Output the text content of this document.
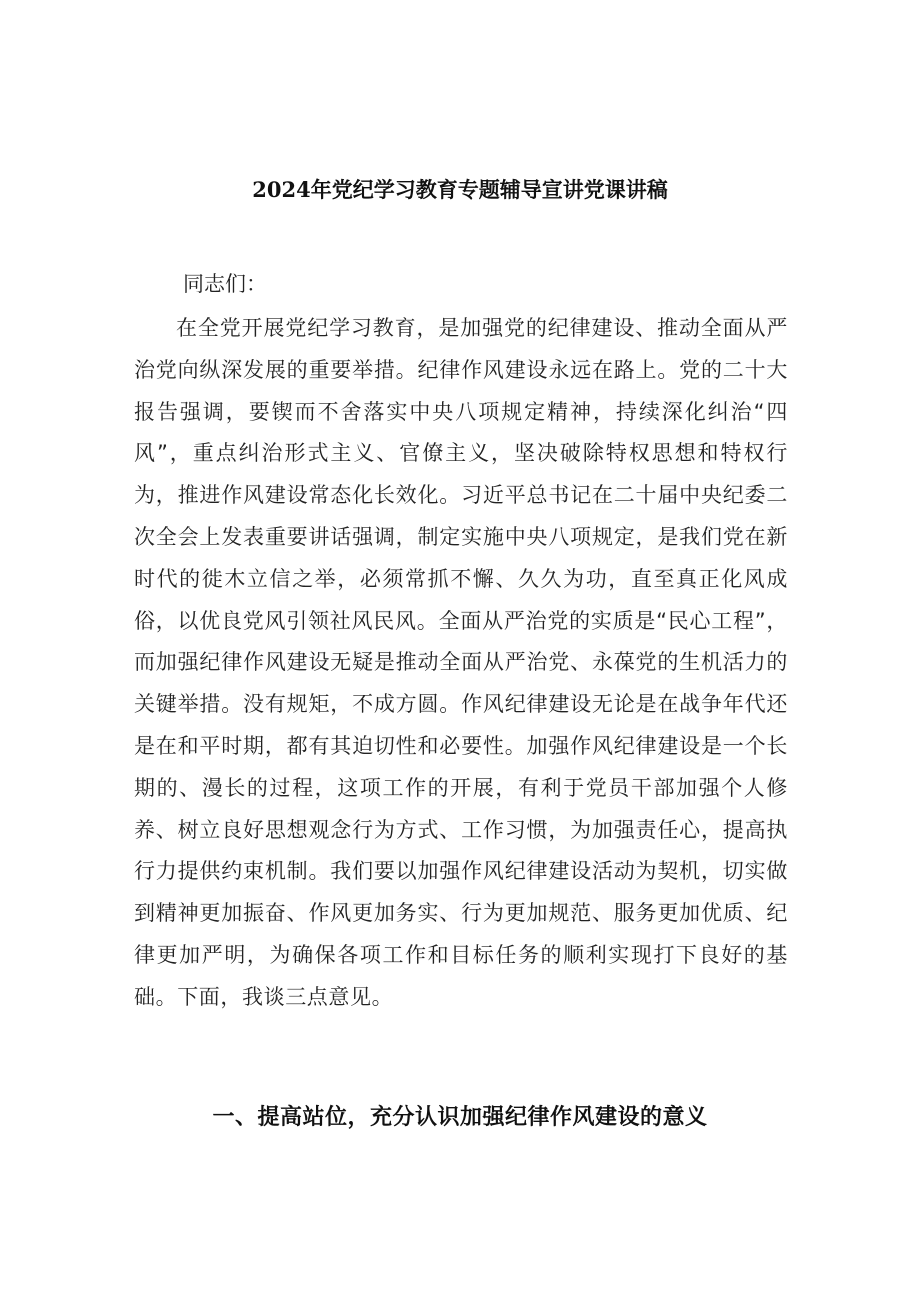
2024年党纪学习教育专题辅导宣讲党课讲稿

同志们：

在全党开展党纪学习教育，是加强党的纪律建设、推动全面从严治党向纵深发展的重要举措。纪律作风建设永远在路上。党的二十大报告强调，要锲而不舍落实中央八项规定精神，持续深化纠治“四风”，重点纠治形式主义、官僚主义，坚决破除特权思想和特权行为，推进作风建设常态化长效化。习近平总书记在二十届中央纪委二次全会上发表重要讲话强调，制定实施中央八项规定，是我们党在新时代的徙木立信之举，必须常抓不懈、久久为功，直至真正化风成俗，以优良党风引领社风民风。全面从严治党的实质是“民心工程”，而加强纪律作风建设无疑是推动全面从严治党、永葆党的生机活力的关键举措。没有规矩，不成方圆。作风纪律建设无论是在战争年代还是在和平时期，都有其迫切性和必要性。加强作风纪律建设是一个长期的、漫长的过程，这项工作的开展，有利于党员干部加强个人修养、树立良好思想观念行为方式、工作习惯，为加强责任心，提高执行力提供约束机制。我们要以加强作风纪律建设活动为契机，切实做到精神更加振奋、作风更加务实、行为更加规范、服务更加优质、纪律更加严明，为确保各项工作和目标任务的顺利实现打下良好的基础。下面，我谈三点意见。

一、提高站位，充分认识加强纪律作风建设的意义
